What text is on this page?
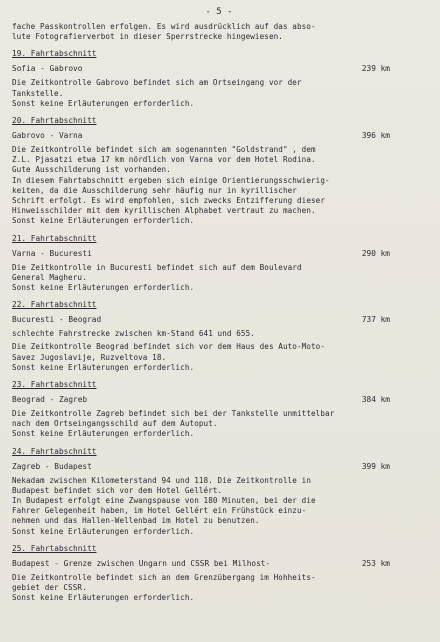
- 5 -
fache Passkontrollen erfolgen. Es wird ausdrücklich auf das abso-
lute Fotografierverbot in dieser Sperrstrecke hingewiesen.
19. Fahrtabschnitt
Sofia - Gabrovo	239 km
Die Zeitkontrolle Gabrovo befindet sich am Ortseingang vor der
Tankstelle.
Sonst keine Erläuterungen erforderlich.
20. Fahrtabschnitt
Gabrovo - Varna	396 km
Die Zeitkontrolle befindet sich am sogenannten "Goldstrand" , dem
Z.L. Pjasatzi etwa 17 km nördlich von Varna vor dem Hotel Rodina.
Gute Ausschilderung ist vorhanden.
In diesem Fahrtabschnitt ergeben sich einige Orientierungsschwierig-
keiten, da die Ausschilderung sehr häufig nur in kyrillischer
Schrift erfolgt. Es wird empfohlen, sich zwecks Entzifferung dieser
Hinweisschilder mit dem kyrillischen Alphabet vertraut zu machen.
Sonst keine Erläuterungen erforderlich.
21. Fahrtabschnitt
Varna - Bucuresti	290 km
Die Zeitkontrolle in Bucuresti befindet sich auf dem Boulevard
General Magheru.
Sonst keine Erläuterungen erforderlich.
22. Fahrtabschnitt
Bucuresti - Beograd	737 km
schlechte Fahrstrecke zwischen km-Stand 641 und 655.
Die Zeitkontrolle Beograd befindet sich vor dem Haus des Auto-Moto-
Savez Jugoslavije, Ruzveltova 18.
Sonst keine Erläuterungen erforderlich.
23. Fahrtabschnitt
Beograd - Zagreb	384 km
Die Zeitkontrolle Zagreb befindet sich bei der Tankstelle unmittelbar
nach dem Ortseingangsschild auf dem Autoput.
Sonst keine Erläuterungen erforderlich.
24. Fahrtabschnitt
Zagreb - Budapest	399 km
Nekadam zwischen Kilometerstand 94 und 118. Die Zeitkontrolle in
Budapest befindet sich vor dem Hotel Gellért.
In Budapest erfolgt eine Zwangspause von 180 Minuten, bei der die
Fahrer Gelegenheit haben, im Hotel Gellért ein Frühstück einzu-
nehmen und das Hallen-Wellenbad im Hotel zu benutzen.
Sonst keine Erläuterungen erforderlich.
25. Fahrtabschnitt
Budapest - Grenze zwischen Ungarn und CSSR bei Milhost-	253 km
Die Zeitkontrolle befindet sich an dem Grenzübergang im Hohheits-
gebiet der CSSR.
Sonst keine Erläuterungen erforderlich.
